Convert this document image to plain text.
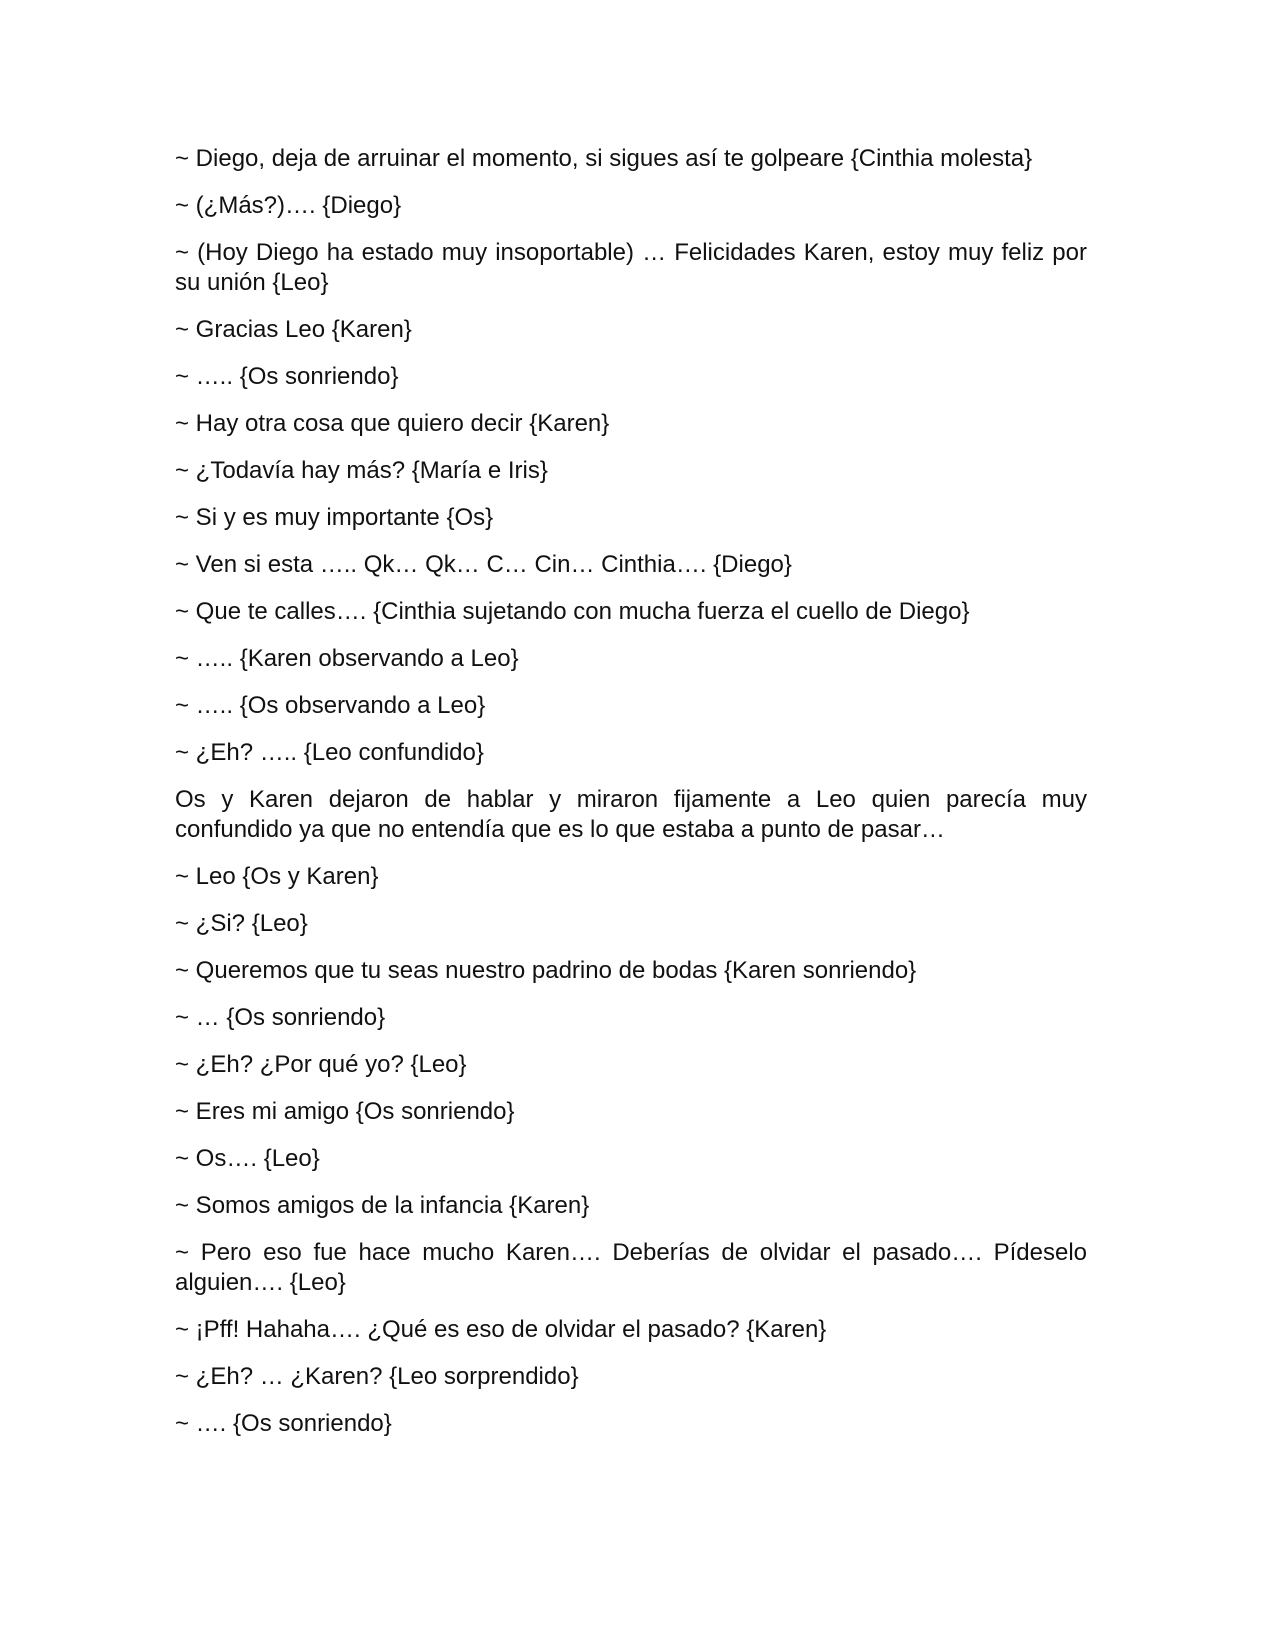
~ Diego, deja de arruinar el momento, si sigues así te golpeare {Cinthia molesta}

~ (¿Más?)…. {Diego}

~ (Hoy Diego ha estado muy insoportable) … Felicidades Karen, estoy muy feliz por su unión {Leo}

~ Gracias Leo {Karen}

~ ….. {Os sonriendo}

~ Hay otra cosa que quiero decir {Karen}

~ ¿Todavía hay más? {María e Iris}

~ Si y es muy importante {Os}

~ Ven si esta ….. Qk… Qk… C… Cin… Cinthia…. {Diego}

~ Que te calles…. {Cinthia sujetando con mucha fuerza el cuello de Diego}

~ ….. {Karen observando a Leo}

~ ….. {Os observando a Leo}

~ ¿Eh? ….. {Leo confundido}

Os y Karen dejaron de hablar y miraron fijamente a Leo quien parecía muy confundido ya que no entendía que es lo que estaba a punto de pasar…

~ Leo {Os y Karen}

~ ¿Si? {Leo}

~ Queremos que tu seas nuestro padrino de bodas {Karen sonriendo}

~ … {Os sonriendo}

~ ¿Eh? ¿Por qué yo? {Leo}

~ Eres mi amigo {Os sonriendo}

~ Os…. {Leo}

~ Somos amigos de la infancia {Karen}

~ Pero eso fue hace mucho Karen…. Deberías de olvidar el pasado…. Pídeselo alguien…. {Leo}

~ ¡Pff! Hahaha…. ¿Qué es eso de olvidar el pasado? {Karen}

~ ¿Eh? … ¿Karen? {Leo sorprendido}

~ …. {Os sonriendo}
